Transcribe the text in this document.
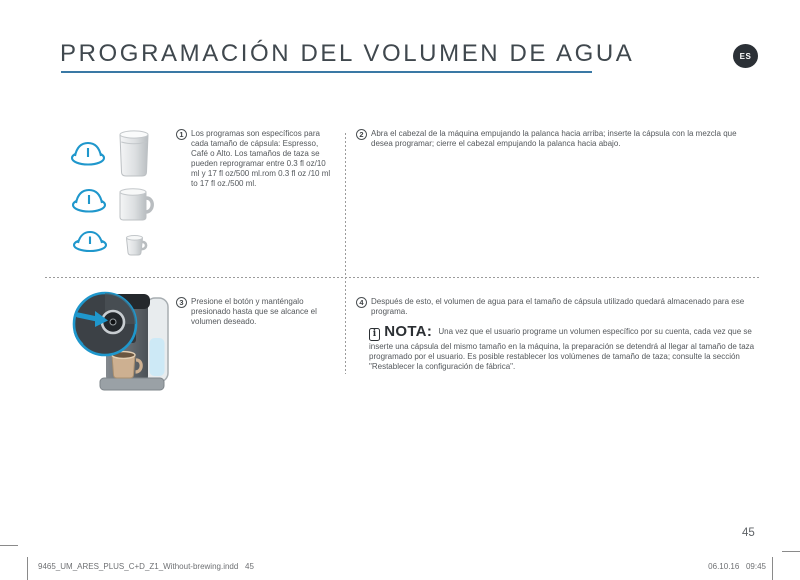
PROGRAMACIÓN DEL VOLUMEN DE AGUA	ES
1 Los programas son específicos para cada tamaño de cápsula: Espresso, Café o Alto. Los tamaños de taza se pueden reprogramar entre 0.3 fl oz/10 ml y 17 fl oz/500 ml.rom 0.3 fl oz /10 ml to 17 fl oz./500 ml.

2 Abra el cabezal de la máquina empujando la palanca hacia arriba; inserte la cápsula con la mezcla que desea programar; cierre el cabezal empujando la palanca hacia abajo.

3 Presione el botón y manténgalo presionado hasta que se alcance el volumen deseado.

4 Después de esto, el volumen de agua para el tamaño de cápsula utilizado quedará almacenado para ese programa.

i NOTA: Una vez que el usuario programe un volumen específico por su cuenta, cada vez que se inserte una cápsula del mismo tamaño en la máquina, la preparación se detendrá al llegar al tamaño de taza programado por el usuario. Es posible restablecer los volúmenes de tamaño de taza; consulte la sección "Restablecer la configuración de fábrica".

45
9465_UM_ARES_PLUS_C+D_Z1_Without-brewing.indd   45	06.10.16   09:45
